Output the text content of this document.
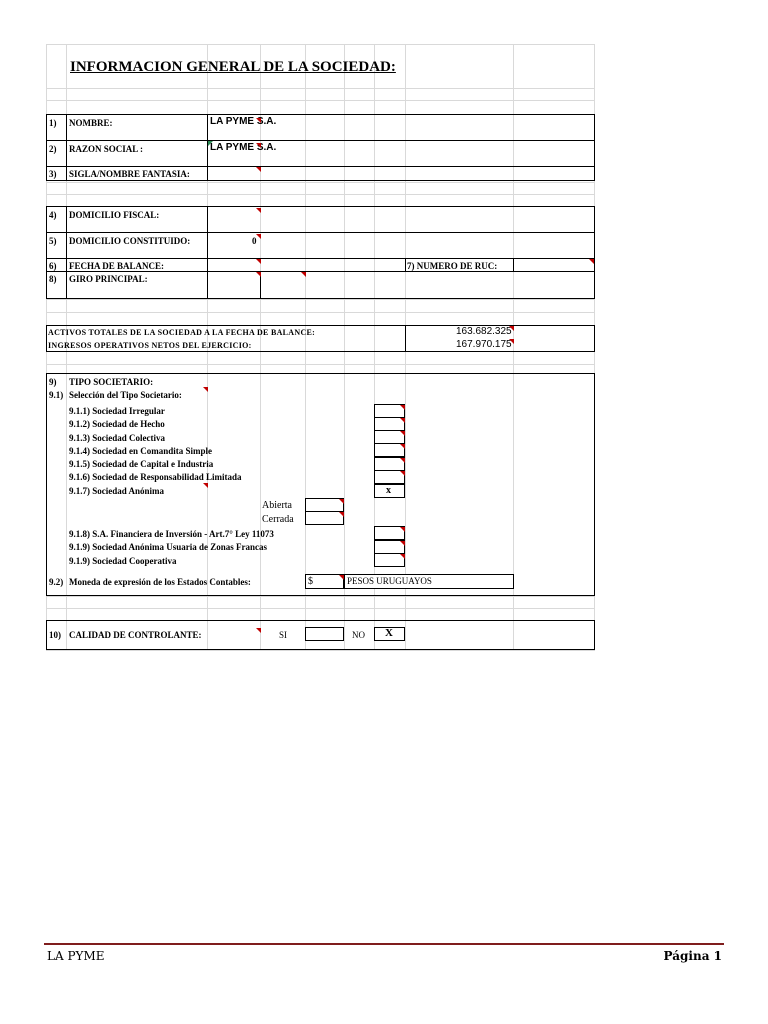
INFORMACION GENERAL DE LA SOCIEDAD:
1) NOMBRE:	LA PYME S.A.
2) RAZON SOCIAL :	LA PYME S.A.
3) SIGLA/NOMBRE FANTASIA:
4) DOMICILIO FISCAL:
5) DOMICILIO CONSTITUIDO:	0
6) FECHA DE BALANCE:	7) NUMERO DE RUC:
8) GIRO PRINCIPAL:
ACTIVOS TOTALES DE LA SOCIEDAD A LA FECHA DE BALANCE:	163.682.325
INGRESOS OPERATIVOS NETOS DEL EJERCICIO:	167.970.175
9) TIPO SOCIETARIO:
9.1) Selección del Tipo Societario:
9.1.1) Sociedad Irregular
9.1.2) Sociedad de Hecho
9.1.3) Sociedad Colectiva
9.1.4) Sociedad en Comandita Simple
9.1.5) Sociedad de Capital e Industria
9.1.6) Sociedad de Responsabilidad Limitada
9.1.7) Sociedad Anónima	x
Abierta
Cerrada
9.1.8) S.A. Financiera de Inversión - Art.7° Ley 11073
9.1.9) Sociedad Anónima Usuaria de Zonas Francas
9.1.9) Sociedad Cooperativa
9.2) Moneda de expresión de los Estados Contables:	$	PESOS URUGUAYOS
10) CALIDAD DE CONTROLANTE:	SI	NO X
LA PYME	Página 1
